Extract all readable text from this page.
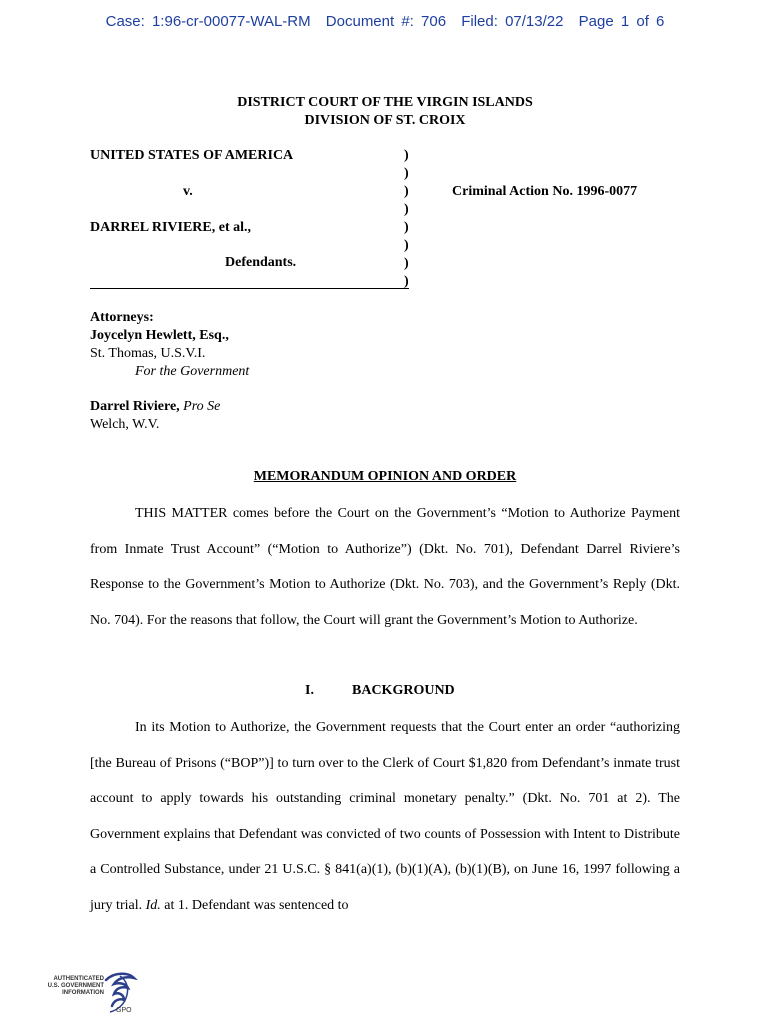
Case: 1:96-cr-00077-WAL-RM Document #: 706 Filed: 07/13/22 Page 1 of 6
DISTRICT COURT OF THE VIRGIN ISLANDS
DIVISION OF ST. CROIX
UNITED STATES OF AMERICA
v.
DARREL RIVIERE, et al.,
Defendants.
Criminal Action No. 1996-0077
)
)
)
)
)
)
)
)
Attorneys:
Joycelyn Hewlett, Esq.,
St. Thomas, U.S.V.I.
For the Government
Darrel Riviere, Pro Se
Welch, W.V.
MEMORANDUM OPINION AND ORDER

THIS MATTER comes before the Court on the Government’s “Motion to Authorize Payment from Inmate Trust Account” (“Motion to Authorize”) (Dkt. No. 701), Defendant Darrel Riviere’s Response to the Government’s Motion to Authorize (Dkt. No. 703), and the Government’s Reply (Dkt. No. 704). For the reasons that follow, the Court will grant the Government’s Motion to Authorize.

I.	BACKGROUND

In its Motion to Authorize, the Government requests that the Court enter an order “authorizing [the Bureau of Prisons (“BOP”)] to turn over to the Clerk of Court $1,820 from Defendant’s inmate trust account to apply towards his outstanding criminal monetary penalty.” (Dkt. No. 701 at 2). The Government explains that Defendant was convicted of two counts of Possession with Intent to Distribute a Controlled Substance, under 21 U.S.C. § 841(a)(1), (b)(1)(A), (b)(1)(B), on June 16, 1997 following a jury trial. Id. at 1. Defendant was sentenced to

AUTHENTICATED
U.S. GOVERNMENT
INFORMATION
GPO
